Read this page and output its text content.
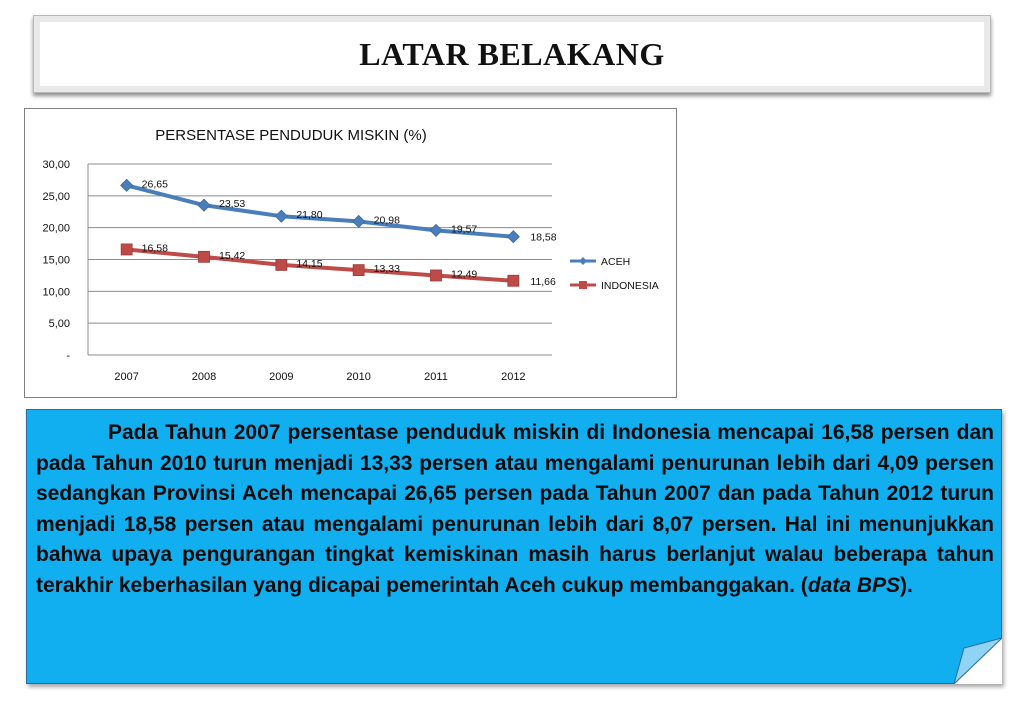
LATAR BELAKANG
PERSENTASE PENDUDUK MISKIN (%)
-
5,00
10,00
15,00
20,00
25,00
30,00
2007	2008	2009	2010	2011	2012
26,65
23,53
21,80	20,98
19,57
18,58
16,58
15,42
14,15	13,33	12,49
11,66
ACEH
INDONESIA

Pada Tahun 2007 persentase penduduk miskin di Indonesia mencapai 16,58 persen dan pada Tahun 2010 turun menjadi 13,33 persen atau mengalami penurunan lebih dari 4,09 persen sedangkan Provinsi Aceh mencapai 26,65 persen pada Tahun 2007 dan pada Tahun 2012 turun menjadi 18,58 persen atau mengalami penurunan lebih dari 8,07 persen. Hal ini menunjukkan bahwa upaya pengurangan tingkat kemiskinan masih harus berlanjut walau beberapa tahun terakhir keberhasilan yang dicapai pemerintah Aceh cukup membanggakan. (data BPS).
